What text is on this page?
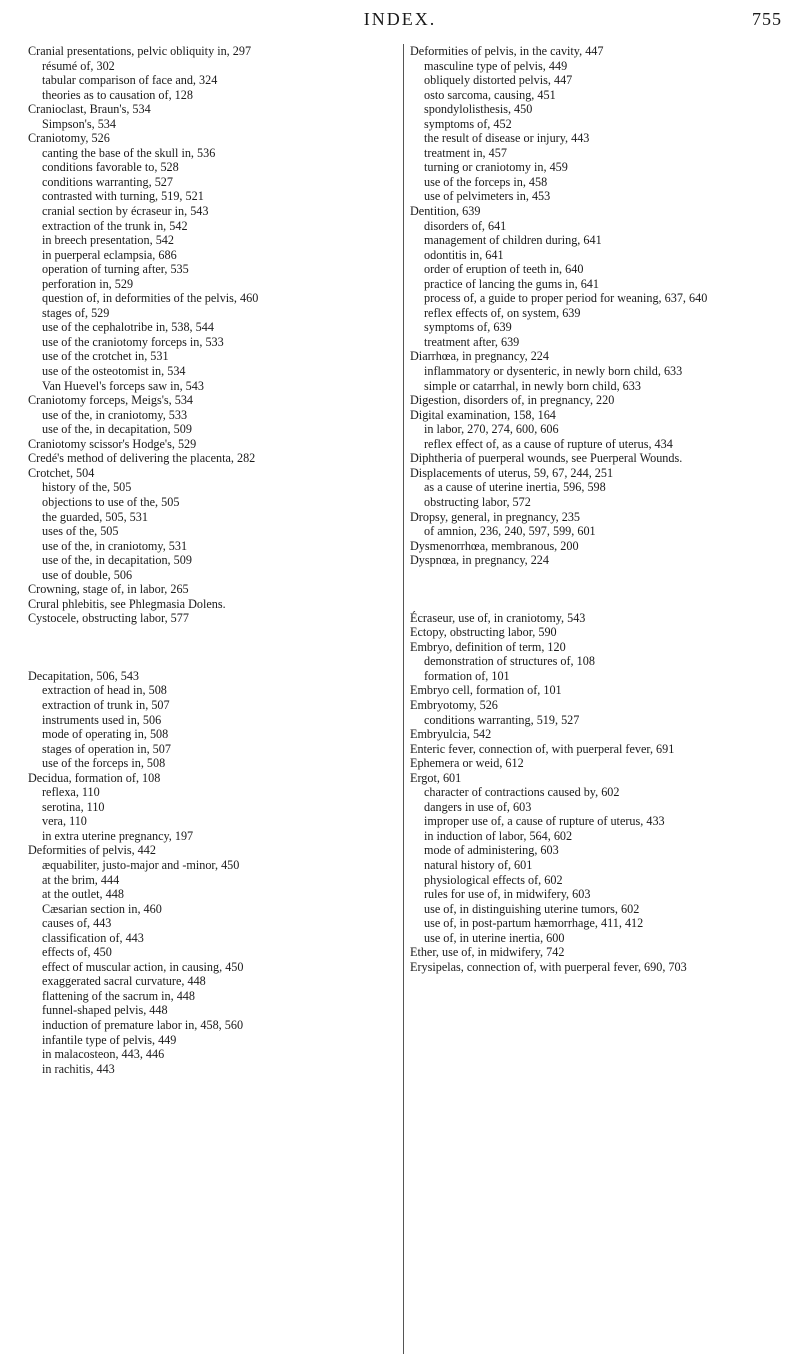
INDEX.	755
Cranial presentations, pelvic obliquity in, 297
résumé of, 302
tabular comparison of face and, 324
theories as to causation of, 128
Cranioclast, Braun's, 534
Simpson's, 534
Craniotomy, 526
canting the base of the skull in, 536
conditions favorable to, 528
conditions warranting, 527
contrasted with turning, 519, 521
cranial section by écraseur in, 543
extraction of the trunk in, 542
in breech presentation, 542
in puerperal eclampsia, 686
operation of turning after, 535
perforation in, 529
question of, in deformities of the pelvis, 460
stages of, 529
use of the cephalotribe in, 538, 544
use of the craniotomy forceps in, 533
use of the crotchet in, 531
use of the osteotomist in, 534
Van Huevel's forceps saw in, 543
Craniotomy forceps, Meigs's, 534
use of the, in craniotomy, 533
use of the, in decapitation, 509
Craniotomy scissor's Hodge's, 529
Credé's method of delivering the placenta, 282
Crotchet, 504
history of the, 505
objections to use of the, 505
the guarded, 505, 531
uses of the, 505
use of the, in craniotomy, 531
use of the, in decapitation, 509
use of double, 506
Crowning, stage of, in labor, 265
Crural phlebitis, see Phlegmasia Dolens.
Cystocele, obstructing labor, 577
Decapitation, 506, 543
extraction of head in, 508
extraction of trunk in, 507
instruments used in, 506
mode of operating in, 508
stages of operation in, 507
use of the forceps in, 508
Decidua, formation of, 108
reflexa, 110
serotina, 110
vera, 110
in extra uterine pregnancy, 197
Deformities of pelvis, 442
æquabiliter, justo-major and -minor, 450
at the brim, 444
at the outlet, 448
Cæsarian section in, 460
causes of, 443
classification of, 443
effects of, 450
effect of muscular action, in causing, 450
exaggerated sacral curvature, 448
flattening of the sacrum in, 448
funnel-shaped pelvis, 448
induction of premature labor in, 458, 560
infantile type of pelvis, 449
in malacosteon, 443, 446
in rachitis, 443
Deformities of pelvis, in the cavity, 447
masculine type of pelvis, 449
obliquely distorted pelvis, 447
osto sarcoma, causing, 451
spondylolisthesis, 450
symptoms of, 452
the result of disease or injury, 443
treatment in, 457
turning or craniotomy in, 459
use of the forceps in, 458
use of pelvimeters in, 453
Dentition, 639
disorders of, 641
management of children during, 641
odontitis in, 641
order of eruption of teeth in, 640
practice of lancing the gums in, 641
process of, a guide to proper period for weaning, 637, 640
reflex effects of, on system, 639
symptoms of, 639
treatment after, 639
Diarrhœa, in pregnancy, 224
inflammatory or dysenteric, in newly born child, 633
simple or catarrhal, in newly born child, 633
Digestion, disorders of, in pregnancy, 220
Digital examination, 158, 164
in labor, 270, 274, 600, 606
reflex effect of, as a cause of rupture of uterus, 434
Diphtheria of puerperal wounds, see Puerperal Wounds.
Displacements of uterus, 59, 67, 244, 251
as a cause of uterine inertia, 596, 598
obstructing labor, 572
Dropsy, general, in pregnancy, 235
of amnion, 236, 240, 597, 599, 601
Dysmenorrhœa, membranous, 200
Dyspnœa, in pregnancy, 224
Écraseur, use of, in craniotomy, 543
Ectopy, obstructing labor, 590
Embryo, definition of term, 120
demonstration of structures of, 108
formation of, 101
Embryo cell, formation of, 101
Embryotomy, 526
conditions warranting, 519, 527
Embryulcia, 542
Enteric fever, connection of, with puerperal fever, 691
Ephemera or weid, 612
Ergot, 601
character of contractions caused by, 602
dangers in use of, 603
improper use of, a cause of rupture of uterus, 433
in induction of labor, 564, 602
mode of administering, 603
natural history of, 601
physiological effects of, 602
rules for use of, in midwifery, 603
use of, in distinguishing uterine tumors, 602
use of, in post-partum hæmorrhage, 411, 412
use of, in uterine inertia, 600
Ether, use of, in midwifery, 742
Erysipelas, connection of, with puerperal fever, 690, 703
